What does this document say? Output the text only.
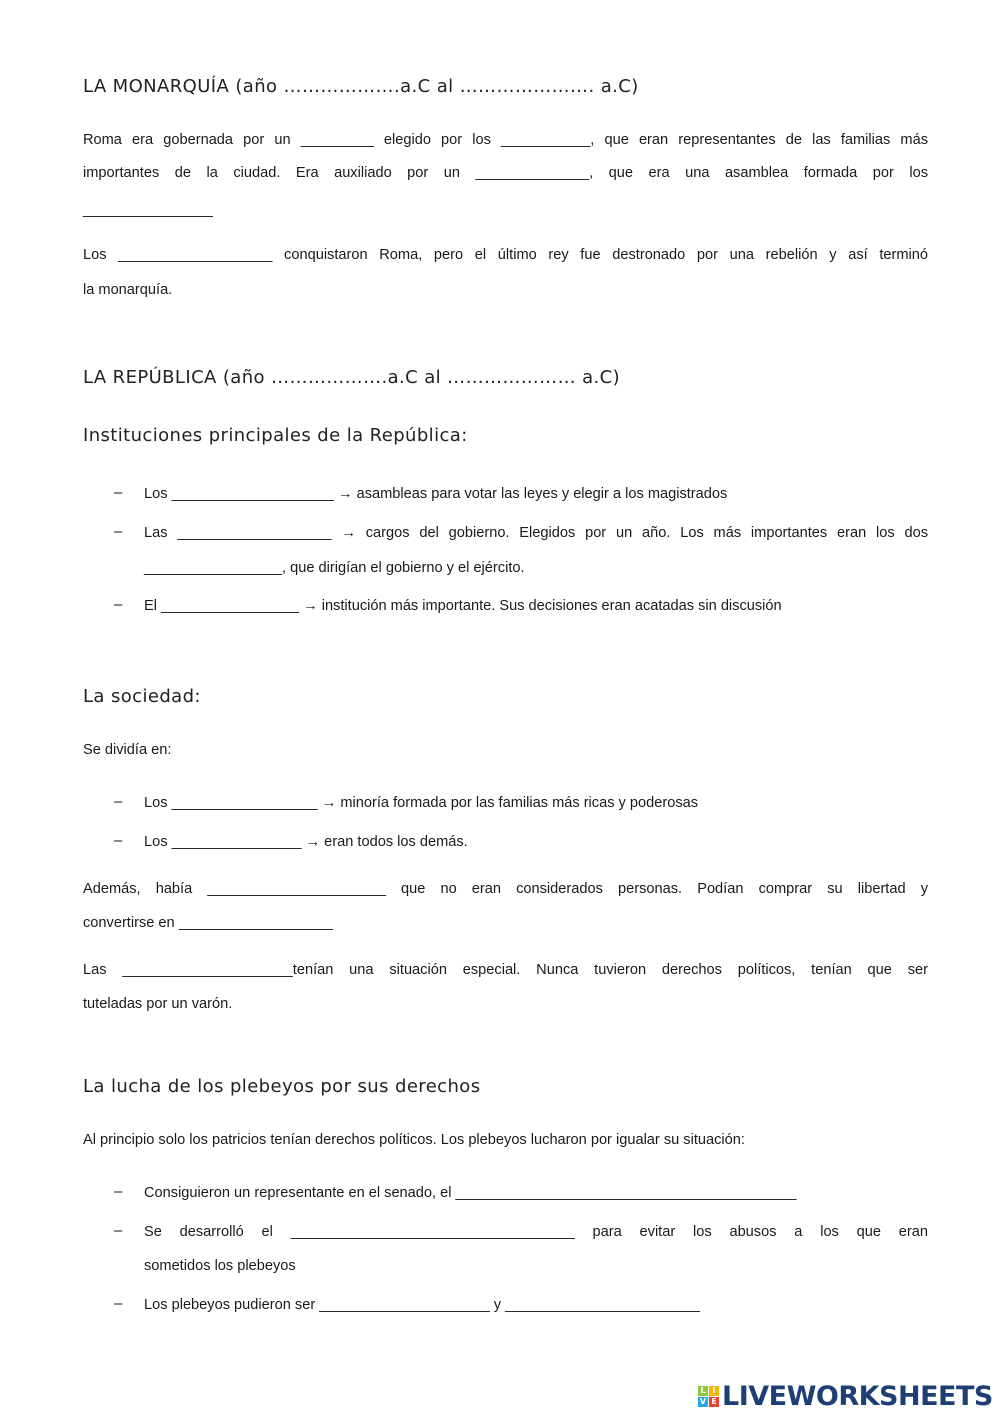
LA MONARQUÍA (año ……………….a.C al …………………. a.C)
Roma era gobernada por un _________ elegido por los ___________, que eran representantes de las familias más
importantes de la ciudad. Era auxiliado por un ______________, que era una asamblea formada por los
________________
Los ___________________ conquistaron Roma, pero el último rey fue destronado por una rebelión y así terminó
la monarquía.
LA REPÚBLICA (año ……………….a.C al ………………… a.C)
Instituciones principales de la República:
– Los ____________________ → asambleas para votar las leyes y elegir a los magistrados
– Las ___________________ → cargos del gobierno. Elegidos por un año. Los más importantes eran los dos
_________________, que dirigían el gobierno y el ejército.
– El _________________ → institución más importante. Sus decisiones eran acatadas sin discusión
La sociedad:
Se dividía en:
– Los __________________ → minoría formada por las familias más ricas y poderosas
– Los ________________ → eran todos los demás.
Además, había ______________________ que no eran considerados personas. Podían comprar su libertad y
convertirse en ___________________
Las _____________________tenían una situación especial. Nunca tuvieron derechos políticos, tenían que ser
tuteladas por un varón.
La lucha de los plebeyos por sus derechos
Al principio solo los patricios tenían derechos políticos. Los plebeyos lucharon por igualar su situación:
– Consiguieron un representante en el senado, el __________________________________________
– Se desarrolló el ___________________________________ para evitar los abusos a los que eran
sometidos los plebeyos
– Los plebeyos pudieron ser _____________________ y ________________________
L I
V E LIVEWORKSHEETS
